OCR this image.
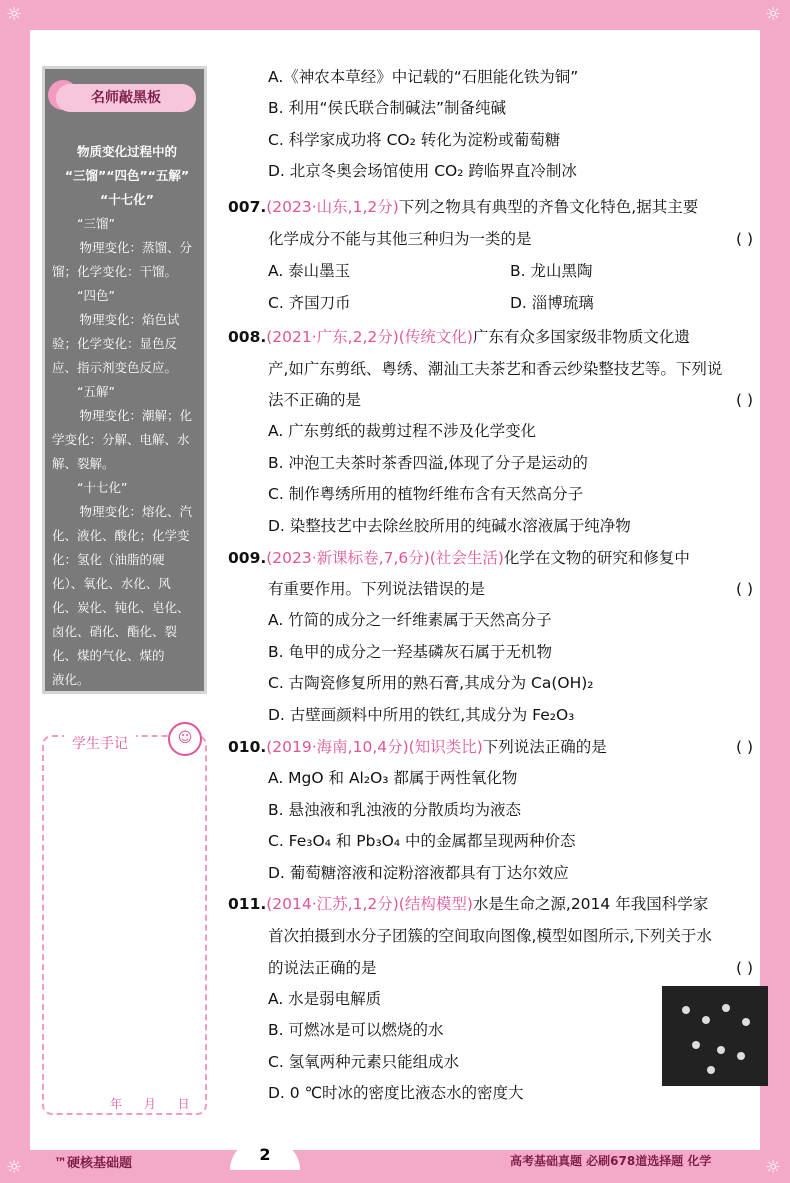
☼	☼
☼	☼
名师敲黑板

物质变化过程中的

“三馏”“四色”“五解”

“十七化”

“三馏”

物理变化：蒸馏、分

馏；化学变化：干馏。

“四色”

物理变化：焰色试

验；化学变化：显色反

应、指示剂变色反应。

“五解”

物理变化：潮解；化

学变化：分解、电解、水

解、裂解。

“十七化”

物理变化：熔化、汽

化、液化、酸化；化学变

化：氢化（油脂的硬

化）、氧化、水化、风

化、炭化、钝化、皂化、

卤化、硝化、酯化、裂

化、煤的气化、煤的

液化。

学生手记	☺
年 月 日
A.《神农本草经》中记载的“石胆能化铁为铜”
B. 利用“侯氏联合制碱法”制备纯碱
C. 科学家成功将 CO₂ 转化为淀粉或葡萄糖
D. 北京冬奥会场馆使用 CO₂ 跨临界直冷制冰
007.(2023·山东,1,2分)下列之物具有典型的齐鲁文化特色,据其主要
化学成分不能与其他三种归为一类的是	( )
A. 泰山墨玉	B. 龙山黑陶
C. 齐国刀币	D. 淄博琉璃
008.(2021·广东,2,2分)(传统文化)广东有众多国家级非物质文化遗
产,如广东剪纸、粤绣、潮汕工夫茶艺和香云纱染整技艺等。下列说
法不正确的是	( )
A. 广东剪纸的裁剪过程不涉及化学变化
B. 冲泡工夫茶时茶香四溢,体现了分子是运动的
C. 制作粤绣所用的植物纤维布含有天然高分子
D. 染整技艺中去除丝胶所用的纯碱水溶液属于纯净物
009.(2023·新课标卷,7,6分)(社会生活)化学在文物的研究和修复中
有重要作用。下列说法错误的是	( )
A. 竹简的成分之一纤维素属于天然高分子
B. 龟甲的成分之一羟基磷灰石属于无机物
C. 古陶瓷修复所用的熟石膏,其成分为 Ca(OH)₂
D. 古壁画颜料中所用的铁红,其成分为 Fe₂O₃
010.(2019·海南,10,4分)(知识类比)下列说法正确的是	( )
A. MgO 和 Al₂O₃ 都属于两性氧化物
B. 悬浊液和乳浊液的分散质均为液态
C. Fe₃O₄ 和 Pb₃O₄ 中的金属都呈现两种价态
D. 葡萄糖溶液和淀粉溶液都具有丁达尔效应
011.(2014·江苏,1,2分)(结构模型)水是生命之源,2014 年我国科学家
首次拍摄到水分子团簇的空间取向图像,模型如图所示,下列关于水
的说法正确的是	( )
A. 水是弱电解质
B. 可燃冰是可以燃烧的水
C. 氢氧两种元素只能组成水
D. 0 ℃时冰的密度比液态水的密度大
™硬核基础题	2	高考基础真题 必刷678道选择题 化学
